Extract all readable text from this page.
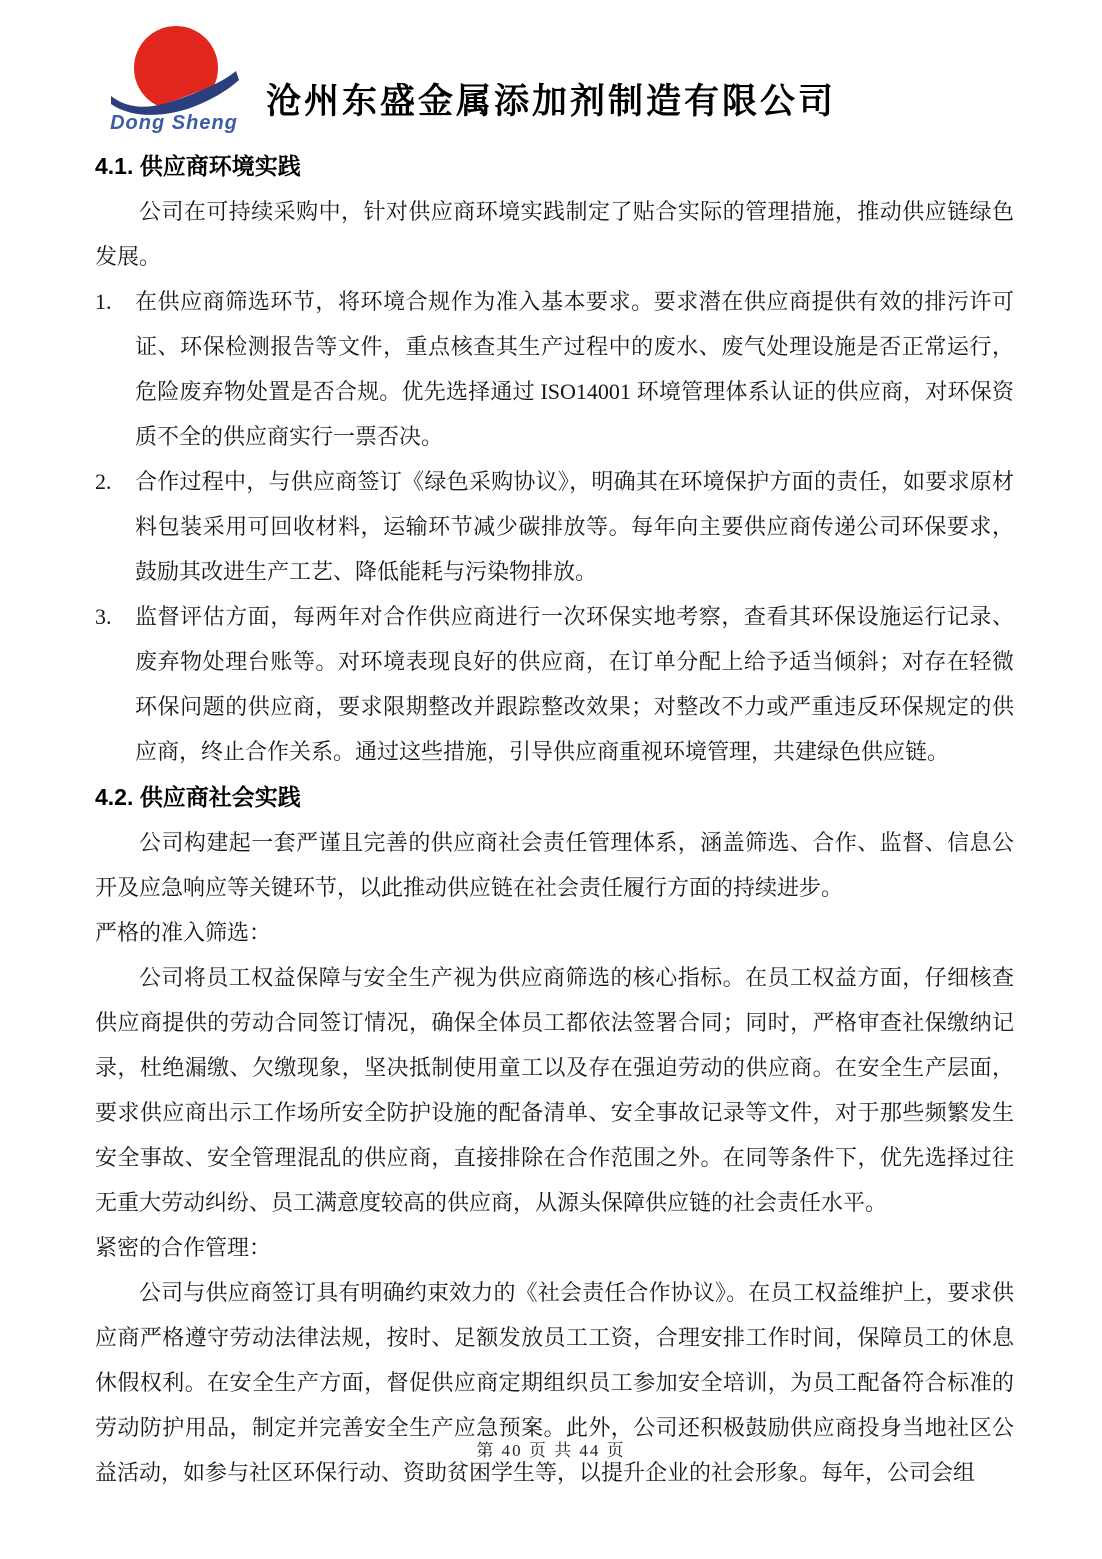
Dong Sheng
沧州东盛金属添加剂制造有限公司
4.1. 供应商环境实践

公司在可持续采购中，针对供应商环境实践制定了贴合实际的管理措施，推动供应链绿色发展。

1.	在供应商筛选环节，将环境合规作为准入基本要求。要求潜在供应商提供有效的排污许可证、环保检测报告等文件，重点核查其生产过程中的废水、废气处理设施是否正常运行，危险废弃物处置是否合规。优先选择通过 ISO14001 环境管理体系认证的供应商，对环保资质不全的供应商实行一票否决。
2.	合作过程中，与供应商签订《绿色采购协议》，明确其在环境保护方面的责任，如要求原材料包装采用可回收材料，运输环节减少碳排放等。每年向主要供应商传递公司环保要求，鼓励其改进生产工艺、降低能耗与污染物排放。
3.	监督评估方面，每两年对合作供应商进行一次环保实地考察，查看其环保设施运行记录、废弃物处理台账等。对环境表现良好的供应商，在订单分配上给予适当倾斜；对存在轻微环保问题的供应商，要求限期整改并跟踪整改效果；对整改不力或严重违反环保规定的供应商，终止合作关系。通过这些措施，引导供应商重视环境管理，共建绿色供应链。
4.2. 供应商社会实践

公司构建起一套严谨且完善的供应商社会责任管理体系，涵盖筛选、合作、监督、信息公开及应急响应等关键环节，以此推动供应链在社会责任履行方面的持续进步。

严格的准入筛选：

公司将员工权益保障与安全生产视为供应商筛选的核心指标。在员工权益方面，仔细核查供应商提供的劳动合同签订情况，确保全体员工都依法签署合同；同时，严格审查社保缴纳记录，杜绝漏缴、欠缴现象，坚决抵制使用童工以及存在强迫劳动的供应商。在安全生产层面，要求供应商出示工作场所安全防护设施的配备清单、安全事故记录等文件，对于那些频繁发生安全事故、安全管理混乱的供应商，直接排除在合作范围之外。在同等条件下，优先选择过往无重大劳动纠纷、员工满意度较高的供应商，从源头保障供应链的社会责任水平。

紧密的合作管理：

公司与供应商签订具有明确约束效力的《社会责任合作协议》。在员工权益维护上，要求供应商严格遵守劳动法律法规，按时、足额发放员工工资，合理安排工作时间，保障员工的休息休假权利。在安全生产方面，督促供应商定期组织员工参加安全培训，为员工配备符合标准的劳动防护用品，制定并完善安全生产应急预案。此外，公司还积极鼓励供应商投身当地社区公益活动，如参与社区环保行动、资助贫困学生等，以提升企业的社会形象。每年，公司会组

第 40 页 共 44 页
